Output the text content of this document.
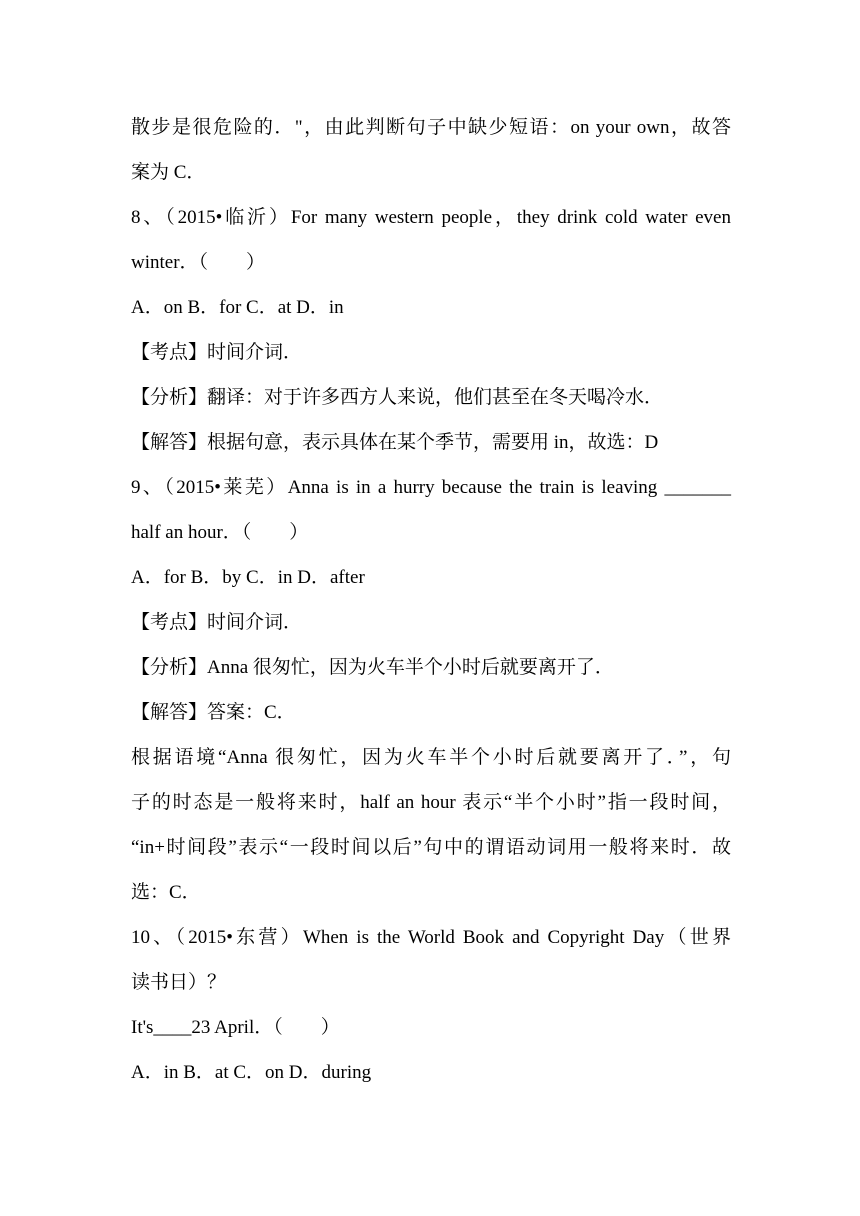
散步是很危险的．"，由此判断句子中缺少短语：on your own，故答
案为 C．
8、（2015•临沂）For many western people，they drink cold water even
winter．（　　）
A．on B．for C．at D．in
【考点】时间介词．
【分析】翻译：对于许多西方人来说，他们甚至在冬天喝冷水．
【解答】根据句意，表示具体在某个季节，需要用 in，故选：D
9、（2015•莱芜）Anna is in a hurry because the train is leaving _______
half an hour．（　　）
A．for B．by C．in D．after
【考点】时间介词．
【分析】Anna 很匆忙，因为火车半个小时后就要离开了．
【解答】答案：C．
根据语境“Anna 很匆忙，因为火车半个小时后就要离开了．”，句
子的时态是一般将来时，half an hour 表示“半个小时”指一段时间，
“in+时间段”表示“一段时间以后”句中的谓语动词用一般将来时．故
选：C．
10、（2015•东营）When is the World Book and Copyright Day（世界
读书日）？
It's____23 April．（　　）
A．in B．at C．on D．during
